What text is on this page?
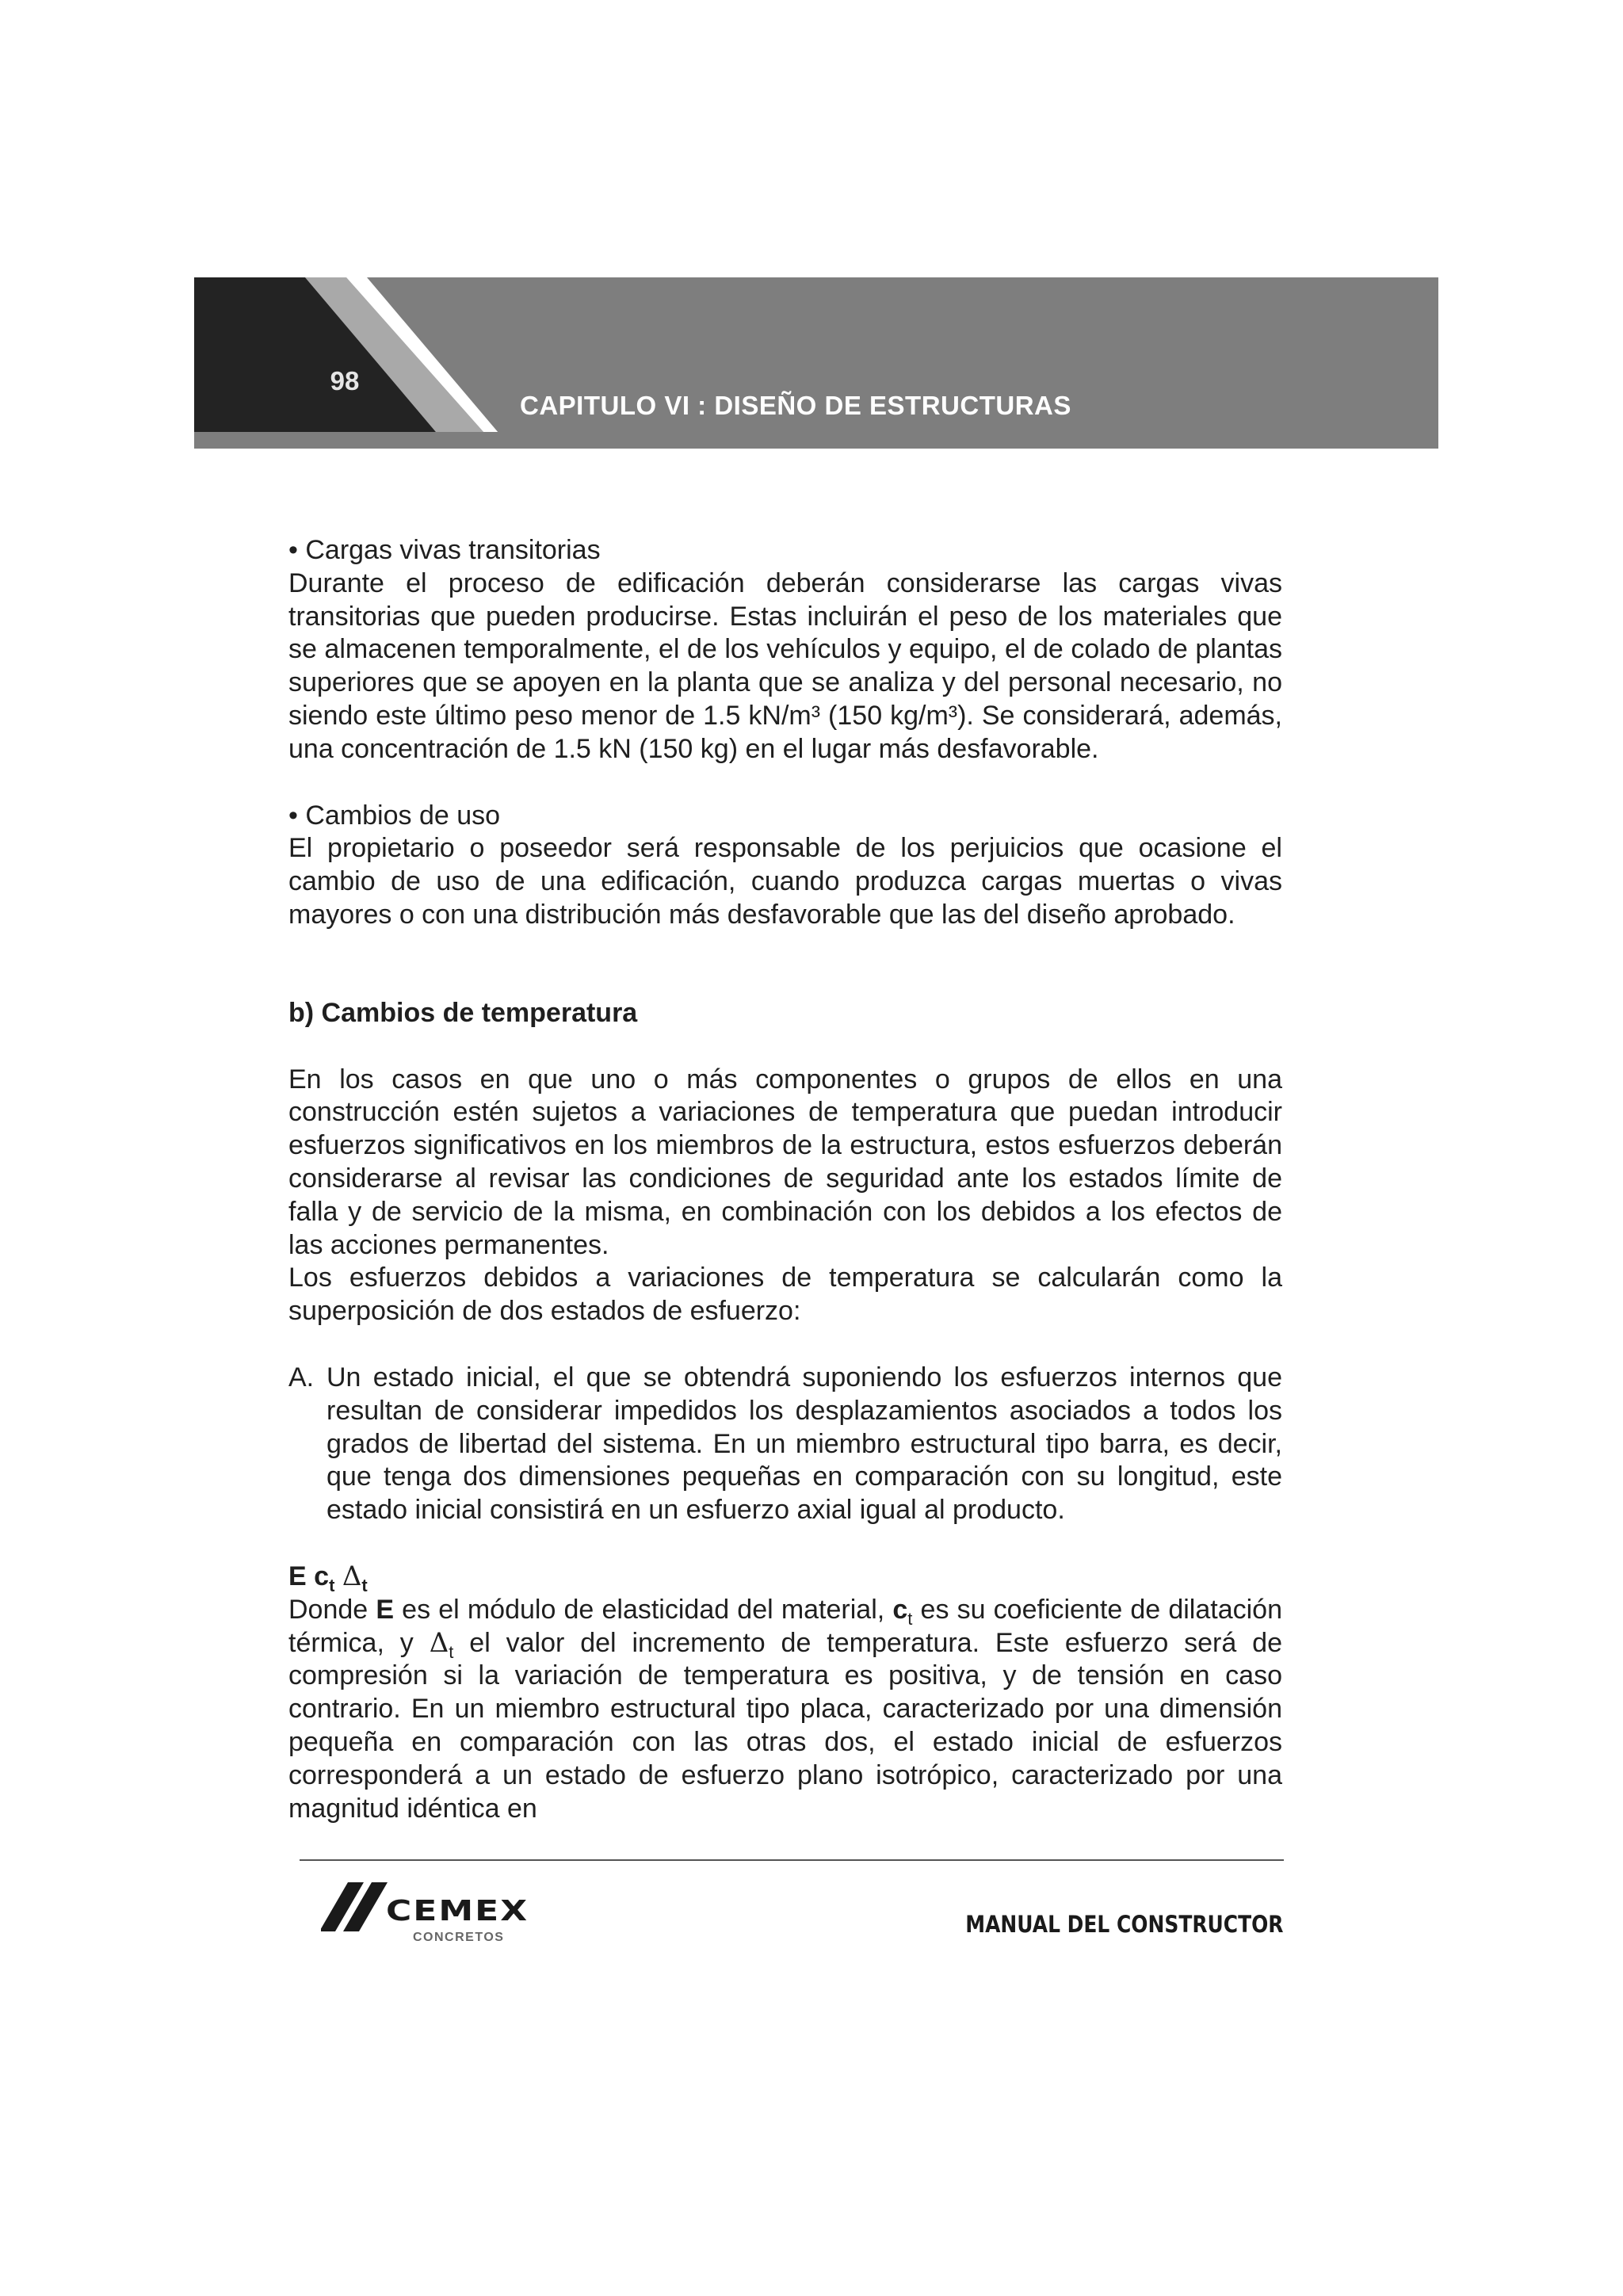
98
CAPITULO VI : DISEÑO DE ESTRUCTURAS

• Cargas vivas transitorias

Durante el proceso de edificación deberán considerarse las cargas vivas transitorias que pueden producirse. Estas incluirán el peso de los materiales que se almacenen temporalmente, el de los vehículos y equipo, el de colado de plantas superiores que se apoyen en la planta que se analiza y del personal necesario, no siendo este último peso menor de 1.5 kN/m³ (150 kg/m³). Se considerará, además, una concentración de 1.5 kN (150 kg) en el lugar más desfavorable.

• Cambios de uso

El propietario o poseedor será responsable de los perjuicios que ocasione el cambio de uso de una edificación, cuando produzca cargas muertas o vivas mayores o con una distribución más desfavorable que las del diseño aprobado.

b) Cambios de temperatura

En los casos en que uno o más componentes o grupos de ellos en una construcción estén sujetos a variaciones de temperatura que puedan introducir esfuerzos significativos en los miembros de la estructura, estos esfuerzos deberán considerarse al revisar las condiciones de seguridad ante los estados límite de falla y de servicio de la misma, en combinación con los debidos a los efectos de las acciones permanentes.

Los esfuerzos debidos a variaciones de temperatura se calcularán como la superposición de dos estados de esfuerzo:

A. Un estado inicial, el que se obtendrá suponiendo los esfuerzos internos que resultan de considerar impedidos los desplazamientos asociados a todos los grados de libertad del sistema. En un miembro estructural tipo barra, es decir, que tenga dos dimensiones pequeñas en comparación con su longitud, este estado inicial consistirá en un esfuerzo axial igual al producto.

E $c_t$ $\Delta_t$

Donde E es el módulo de elasticidad del material, $c_t$ es su coeficiente de dilatación térmica, y $\Delta_t$ el valor del incremento de temperatura. Este esfuerzo será de compresión si la variación de temperatura es positiva, y de tensión en caso contrario. En un miembro estructural tipo placa, caracterizado por una dimensión pequeña en comparación con las otras dos, el estado inicial de esfuerzos corresponderá a un estado de esfuerzo plano isotrópico, caracterizado por una magnitud idéntica en

CEMEX
CONCRETOS	MANUAL DEL CONSTRUCTOR
